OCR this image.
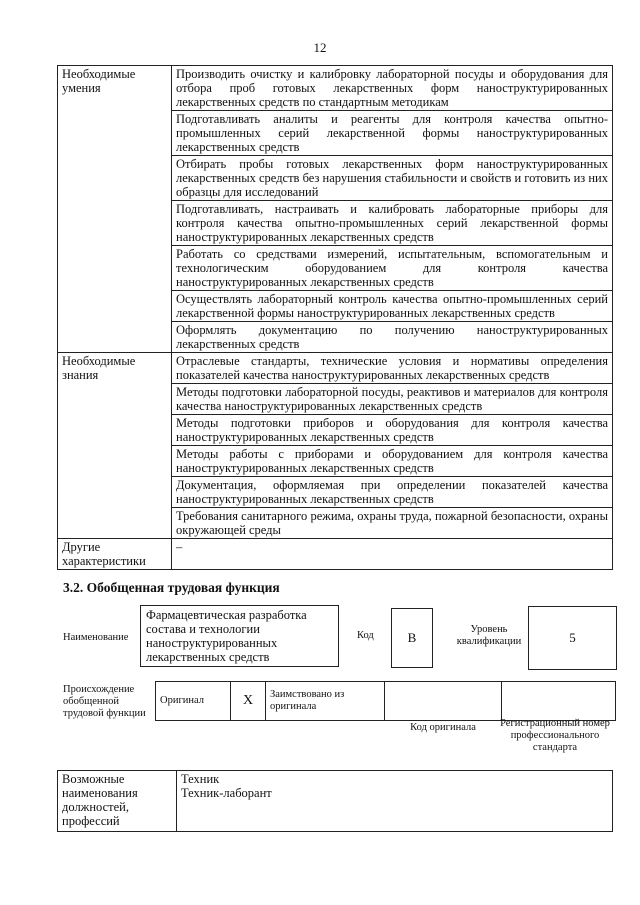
12
Необходимые умения	Производить очистку и калибровку лабораторной посуды и оборудования для отбора проб готовых лекарственных форм наноструктурированных лекарственных средств по стандартным методикам
	Подготавливать аналиты и реагенты для контроля качества опытно-промышленных серий лекарственной формы наноструктурированных лекарственных средств
	Отбирать пробы готовых лекарственных форм наноструктурированных лекарственных средств без нарушения стабильности и свойств и готовить из них образцы для исследований
	Подготавливать, настраивать и калибровать лабораторные приборы для контроля качества опытно-промышленных серий лекарственной формы наноструктурированных лекарственных средств
	Работать со средствами измерений, испытательным, вспомогательным и технологическим оборудованием для контроля качества наноструктурированных лекарственных средств
	Осуществлять лабораторный контроль качества опытно-промышленных серий лекарственной формы наноструктурированных лекарственных средств
	Оформлять документацию по получению наноструктурированных лекарственных средств
Необходимые знания	Отраслевые стандарты, технические условия и нормативы определения показателей качества наноструктурированных лекарственных средств
	Методы подготовки лабораторной посуды, реактивов и материалов для контроля качества наноструктурированных лекарственных средств
	Методы подготовки приборов и оборудования для контроля качества наноструктурированных лекарственных средств
	Методы работы с приборами и оборудованием для контроля качества наноструктурированных лекарственных средств
	Документация, оформляемая при определении показателей качества наноструктурированных лекарственных средств
	Требования санитарного режима, охраны труда, пожарной безопасности, охраны окружающей среды
Другие характеристики	–
3.2. Обобщенная трудовая функция
Наименование
Фармацевтическая разработка состава и технологии наноструктурированных лекарственных средств
Код	B
Уровень квалификации	5
Происхождение обобщенной трудовой функции
Оригинал	X	Заимствовано из оригинала		
Код оригинала	Регистрационный номер профессионального стандарта
Возможные наименования должностей, профессий	
Техник
Техник-лаборант
